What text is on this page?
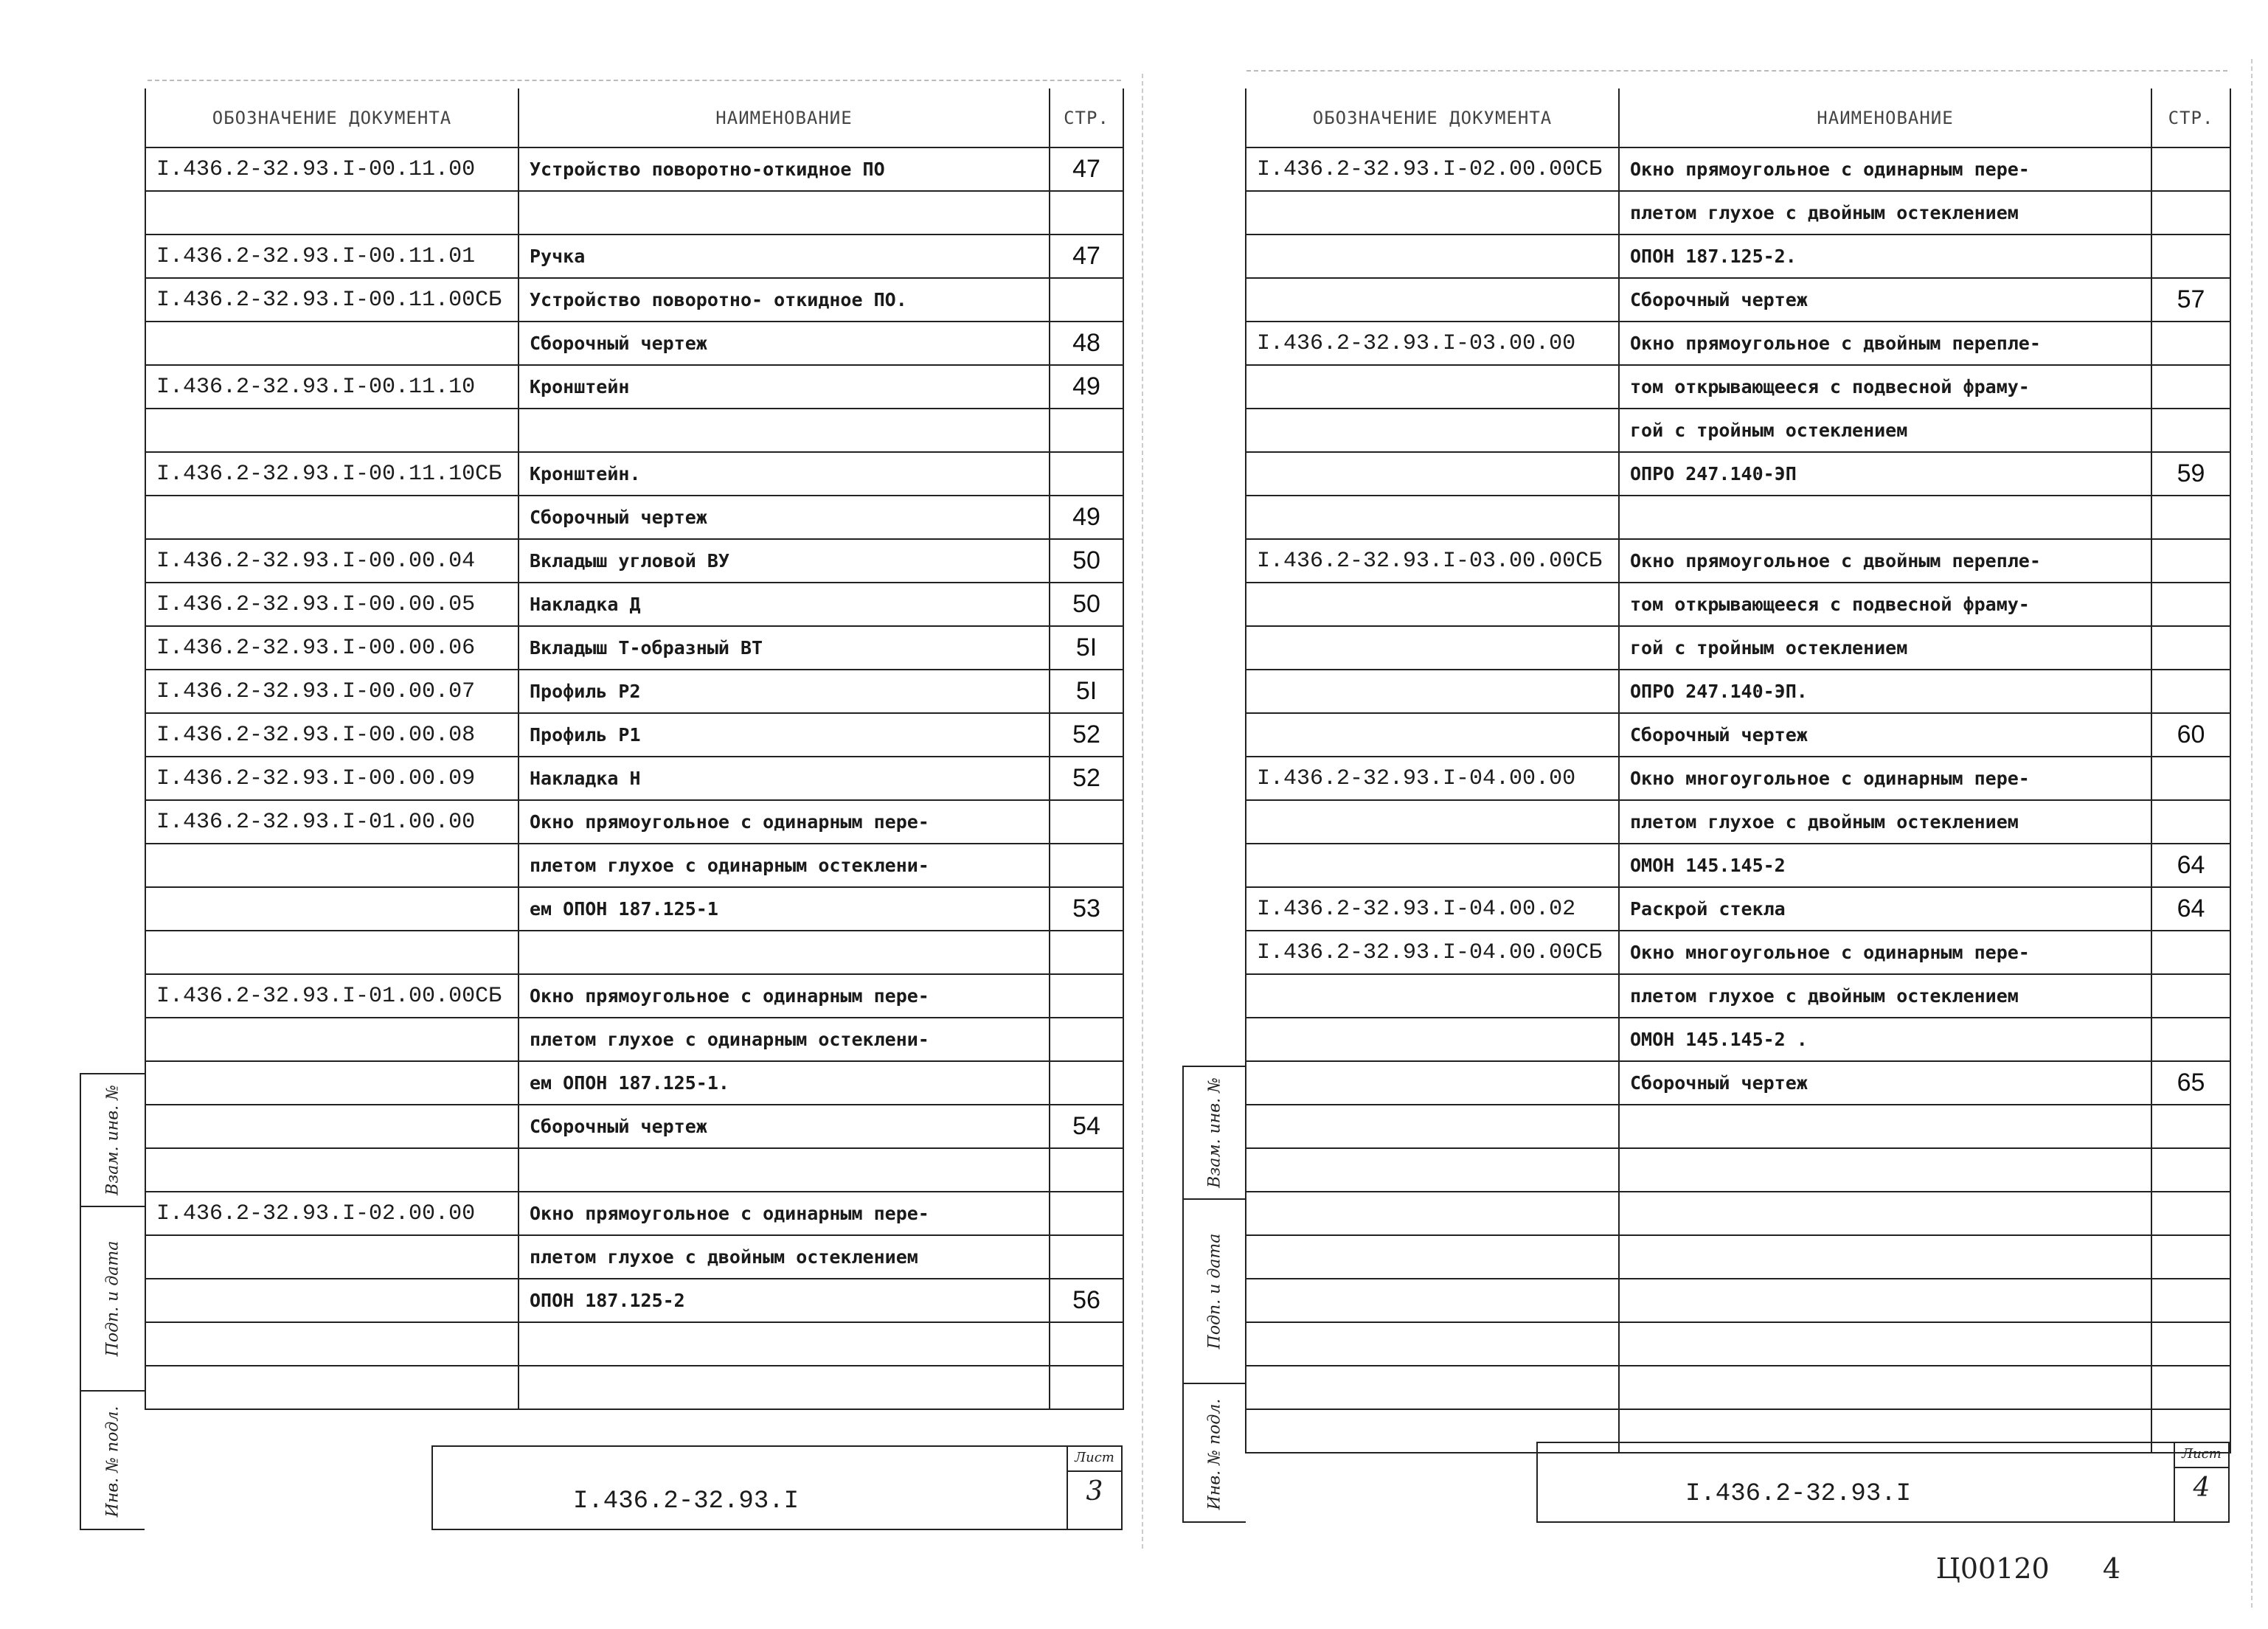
ОБОЗНАЧЕНИЕ ДОКУМЕНТА	НАИМЕНОВАНИЕ	СТР.
I.436.2-32.93.I-00.11.00	Устройство поворотно-откидное ПО	47

I.436.2-32.93.I-00.11.01	Ручка	47
I.436.2-32.93.I-00.11.00СБ	Устройство поворотно- откидное ПО.	
	Сборочный чертеж	48
I.436.2-32.93.I-00.11.10	Кронштейн	49

I.436.2-32.93.I-00.11.10СБ	Кронштейн.	
	Сборочный чертеж	49
I.436.2-32.93.I-00.00.04	Вкладыш угловой ВУ	50
I.436.2-32.93.I-00.00.05	Накладка Д	50
I.436.2-32.93.I-00.00.06	Вкладыш Т-образный ВТ	5I
I.436.2-32.93.I-00.00.07	Профиль Р2	5I
I.436.2-32.93.I-00.00.08	Профиль Р1	52
I.436.2-32.93.I-00.00.09	Накладка Н	52
I.436.2-32.93.I-01.00.00	Окно прямоугольное с одинарным пере-	
	плетом глухое с одинарным остеклени-	
	ем ОПОН 187.125-1	53

I.436.2-32.93.I-01.00.00СБ	Окно прямоугольное с одинарным пере-	
	плетом глухое с одинарным остеклени-	
	ем ОПОН 187.125-1.	
	Сборочный чертеж	54

I.436.2-32.93.I-02.00.00	Окно прямоугольное с одинарным пере-	
	плетом глухое с двойным остеклением	
	ОПОН 187.125-2	56

Взам. инв. №
Подп. и дата
Инв. № подл.	I.436.2-32.93.I
Лист
3
ОБОЗНАЧЕНИЕ ДОКУМЕНТА	НАИМЕНОВАНИЕ	СТР.
I.436.2-32.93.I-02.00.00СБ	Окно прямоугольное с одинарным пере-	
	плетом глухое с двойным остеклением	
	ОПОН 187.125-2.	
	Сборочный чертеж	57
I.436.2-32.93.I-03.00.00	Окно прямоугольное с двойным перепле-	
	том открывающееся с подвесной фраму-	
	гой с тройным остеклением	
	ОПРО 247.140-ЭП	59

I.436.2-32.93.I-03.00.00СБ	Окно прямоугольное с двойным перепле-	
	том открывающееся с подвесной фраму-	
	гой с тройным остеклением	
	ОПРО 247.140-ЭП.	
	Сборочный чертеж	60
I.436.2-32.93.I-04.00.00	Окно многоугольное с одинарным пере-	
	плетом глухое с двойным остеклением	
	ОМОН 145.145-2	64
I.436.2-32.93.I-04.00.02	Раскрой стекла	64
I.436.2-32.93.I-04.00.00СБ	Окно многоугольное с одинарным пере-	
	плетом глухое с двойным остеклением	
	ОМОН 145.145-2 .	
	Сборочный чертеж	65

Взам. инв. №
Подп. и дата
Инв. № подл.	I.436.2-32.93.I
Лист
4
Ц00120 4
